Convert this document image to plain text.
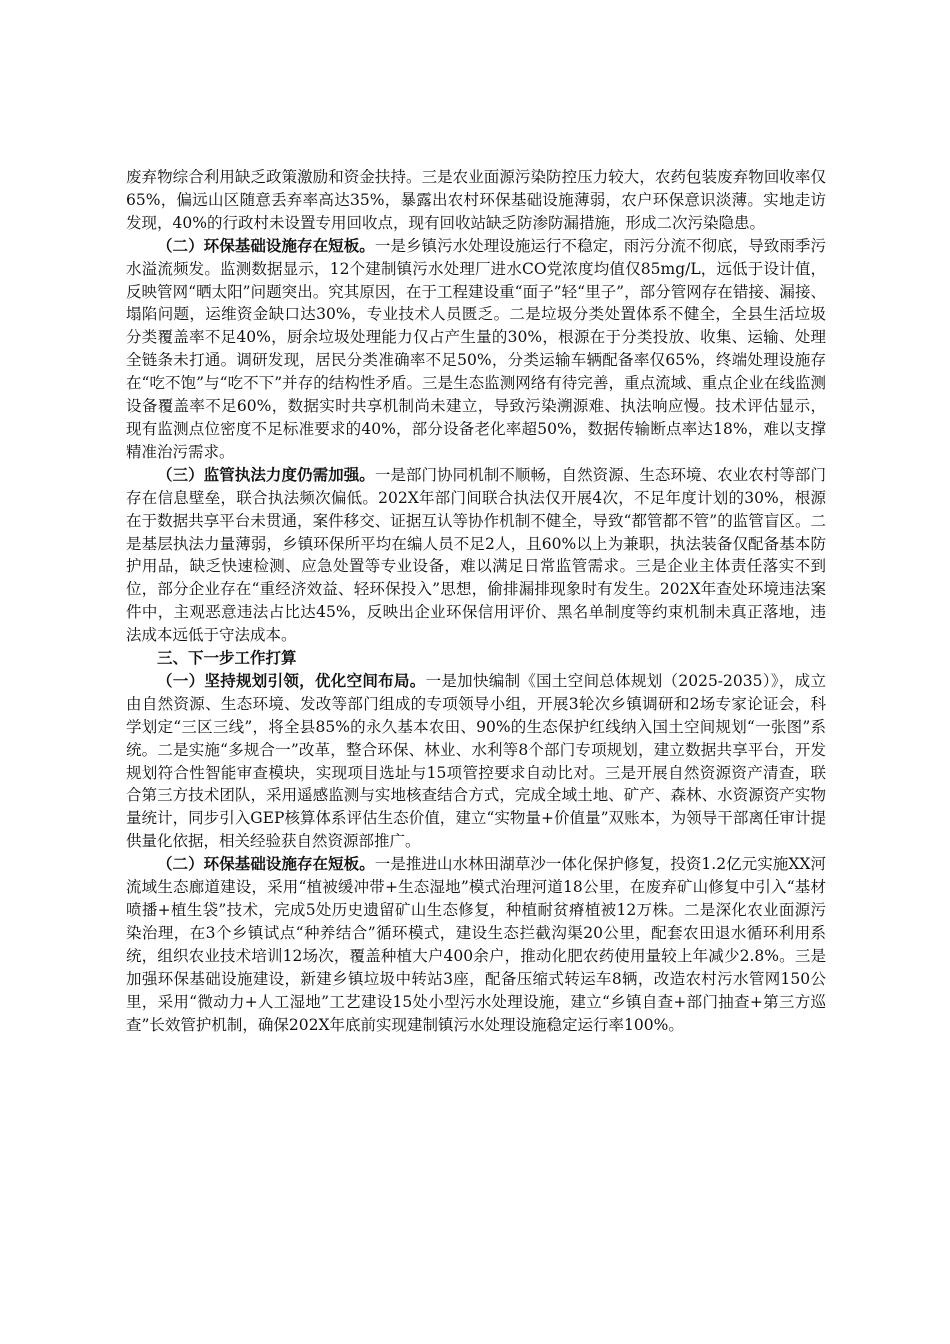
废弃物综合利用缺乏政策激励和资金扶持。三是农业面源污染防控压力较大，农药包装废弃物回收率仅65%，偏远山区随意丢弃率高达35%，暴露出农村环保基础设施薄弱，农户环保意识淡薄。实地走访发现，40%的行政村未设置专用回收点，现有回收站缺乏防渗防漏措施，形成二次污染隐患。

（二）环保基础设施存在短板。一是乡镇污水处理设施运行不稳定，雨污分流不彻底，导致雨季污水溢流频发。监测数据显示，12个建制镇污水处理厂进水CO党浓度均值仅85mg/L，远低于设计值，反映管网“晒太阳”问题突出。究其原因，在于工程建设重“面子”轻“里子”，部分管网存在错接、漏接、塌陷问题，运维资金缺口达30%，专业技术人员匮乏。二是垃圾分类处置体系不健全，全县生活垃圾分类覆盖率不足40%，厨余垃圾处理能力仅占产生量的30%，根源在于分类投放、收集、运输、处理全链条未打通。调研发现，居民分类准确率不足50%，分类运输车辆配备率仅65%，终端处理设施存在“吃不饱”与“吃不下”并存的结构性矛盾。三是生态监测网络有待完善，重点流域、重点企业在线监测设备覆盖率不足60%，数据实时共享机制尚未建立，导致污染溯源难、执法响应慢。技术评估显示，现有监测点位密度不足标准要求的40%，部分设备老化率超50%，数据传输断点率达18%，难以支撑精准治污需求。

（三）监管执法力度仍需加强。一是部门协同机制不顺畅，自然资源、生态环境、农业农村等部门存在信息壁垒，联合执法频次偏低。202X年部门间联合执法仅开展4次，不足年度计划的30%，根源在于数据共享平台未贯通，案件移交、证据互认等协作机制不健全，导致“都管都不管”的监管盲区。二是基层执法力量薄弱，乡镇环保所平均在编人员不足2人，且60%以上为兼职，执法装备仅配备基本防护用品，缺乏快速检测、应急处置等专业设备，难以满足日常监管需求。三是企业主体责任落实不到位，部分企业存在“重经济效益、轻环保投入”思想，偷排漏排现象时有发生。202X年查处环境违法案件中，主观恶意违法占比达45%，反映出企业环保信用评价、黑名单制度等约束机制未真正落地，违法成本远低于守法成本。

三、下一步工作打算

（一）坚持规划引领，优化空间布局。一是加快编制《国土空间总体规划（2025-2035）》，成立由自然资源、生态环境、发改等部门组成的专项领导小组，开展3轮次乡镇调研和2场专家论证会，科学划定“三区三线”，将全县85%的永久基本农田、90%的生态保护红线纳入国土空间规划“一张图”系统。二是实施“多规合一”改革，整合环保、林业、水利等8个部门专项规划，建立数据共享平台，开发规划符合性智能审查模块，实现项目选址与15项管控要求自动比对。三是开展自然资源资产清查，联合第三方技术团队，采用遥感监测与实地核查结合方式，完成全域土地、矿产、森林、水资源资产实物量统计，同步引入GEP核算体系评估生态价值，建立“实物量+价值量”双账本，为领导干部离任审计提供量化依据，相关经验获自然资源部推广。

（二）环保基础设施存在短板。一是推进山水林田湖草沙一体化保护修复，投资1.2亿元实施XX河流域生态廊道建设，采用“植被缓冲带+生态湿地”模式治理河道18公里，在废弃矿山修复中引入“基材喷播+植生袋”技术，完成5处历史遗留矿山生态修复，种植耐贫瘠植被12万株。二是深化农业面源污染治理，在3个乡镇试点“种养结合”循环模式，建设生态拦截沟渠20公里，配套农田退水循环利用系统，组织农业技术培训12场次，覆盖种植大户400余户，推动化肥农药使用量较上年减少2.8%。三是加强环保基础设施建设，新建乡镇垃圾中转站3座，配备压缩式转运车8辆，改造农村污水管网150公里，采用“微动力+人工湿地”工艺建设15处小型污水处理设施，建立“乡镇自查+部门抽查+第三方巡查”长效管护机制，确保202X年底前实现建制镇污水处理设施稳定运行率100%。
